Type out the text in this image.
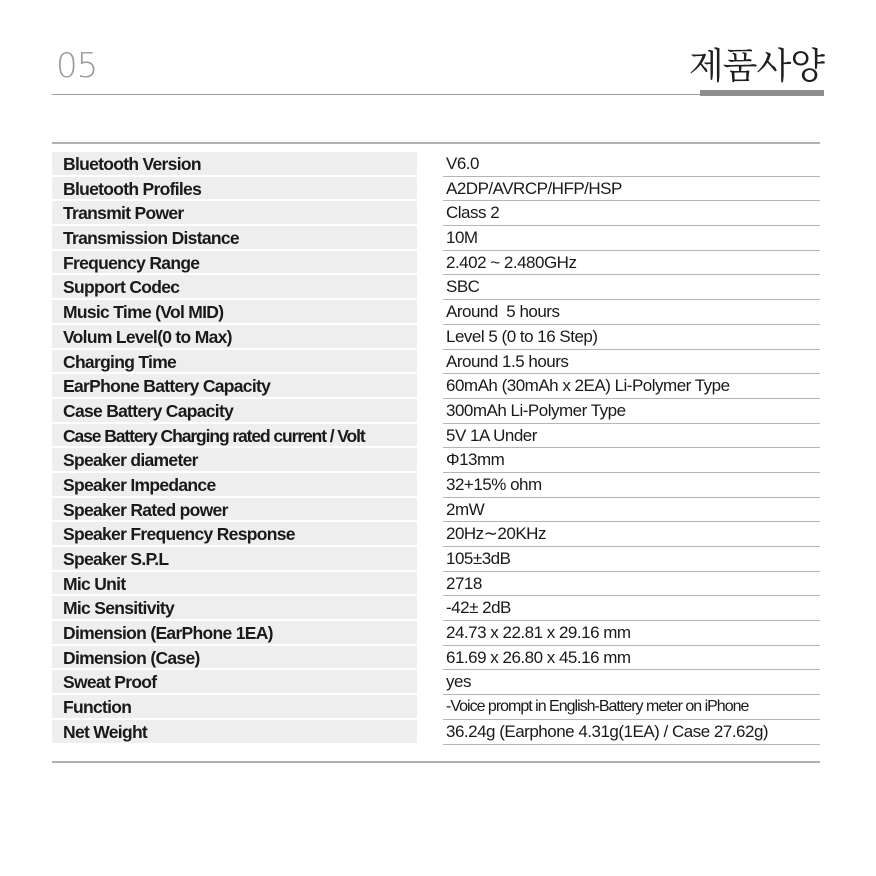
05	제품사양
Bluetooth Version	V6.0
Bluetooth Profiles	A2DP/AVRCP/HFP/HSP
Transmit Power	Class 2
Transmission Distance	10M
Frequency Range	2.402 ~ 2.480GHz
Support Codec	SBC
Music Time (Vol MID)	Around  5 hours
Volum Level(0 to Max)	Level 5 (0 to 16 Step)
Charging Time	Around 1.5 hours
EarPhone Battery Capacity	60mAh (30mAh x 2EA) Li-Polymer Type
Case Battery Capacity	300mAh Li-Polymer Type
Case Battery Charging rated current / Volt	5V 1A Under
Speaker diameter	Φ13mm
Speaker Impedance	32+15% ohm
Speaker Rated power	2mW
Speaker Frequency Response	20Hz∼20KHz
Speaker S.P.L	105±3dB
Mic Unit	2718
Mic Sensitivity	-42± 2dB
Dimension (EarPhone 1EA)	24.73 x 22.81 x 29.16 mm
Dimension (Case)	61.69 x 26.80 x 45.16 mm
Sweat Proof	yes
Function	-Voice prompt in English-Battery meter on iPhone
Net Weight	36.24g (Earphone 4.31g(1EA) / Case 27.62g)
